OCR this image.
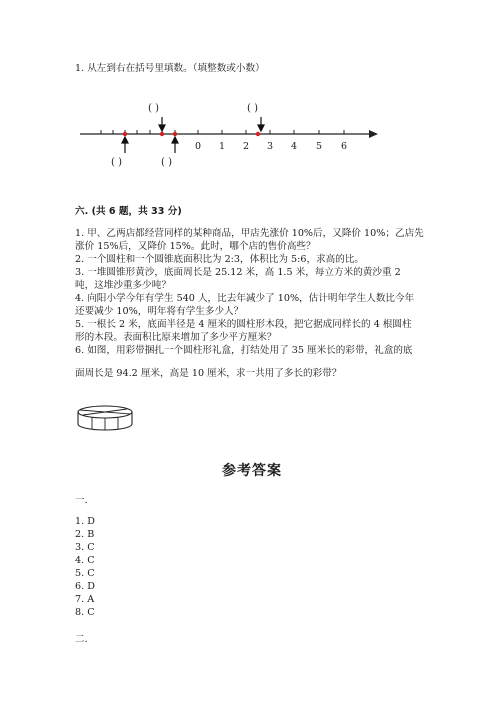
1. 从左到右在括号里填数。（填整数或小数）
( )	( )
( )	( )
0 1 2 3 4 5 6
六. (共 6 题，共 33 分)
1. 甲、乙两店都经营同样的某种商品，甲店先涨价 10%后，又降价 10%；乙店先
涨价 15%后，又降价 15%。此时，哪个店的售价高些？
2. 一个圆柱和一个圆锥底面积比为 2:3，体积比为 5:6，求高的比。
3. 一堆圆锥形黄沙，底面周长是 25.12 米，高 1.5 米，每立方米的黄沙重 2
吨，这堆沙重多少吨？
4. 向阳小学今年有学生 540 人，比去年减少了 10%，估计明年学生人数比今年
还要减少 10%，明年将有学生多少人？
5. 一根长 2 米，底面半径是 4 厘米的圆柱形木段，把它据成同样长的 4 根圆柱
形的木段。表面积比原来增加了多少平方厘米？
6. 如图，用彩带捆扎一个圆柱形礼盒，打结处用了 35 厘米长的彩带，礼盒的底
面周长是 94.2 厘米，高是 10 厘米，求一共用了多长的彩带？
参考答案
一.
1. D
2. B
3. C
4. C
5. C
6. D
7. A
8. C
二.
